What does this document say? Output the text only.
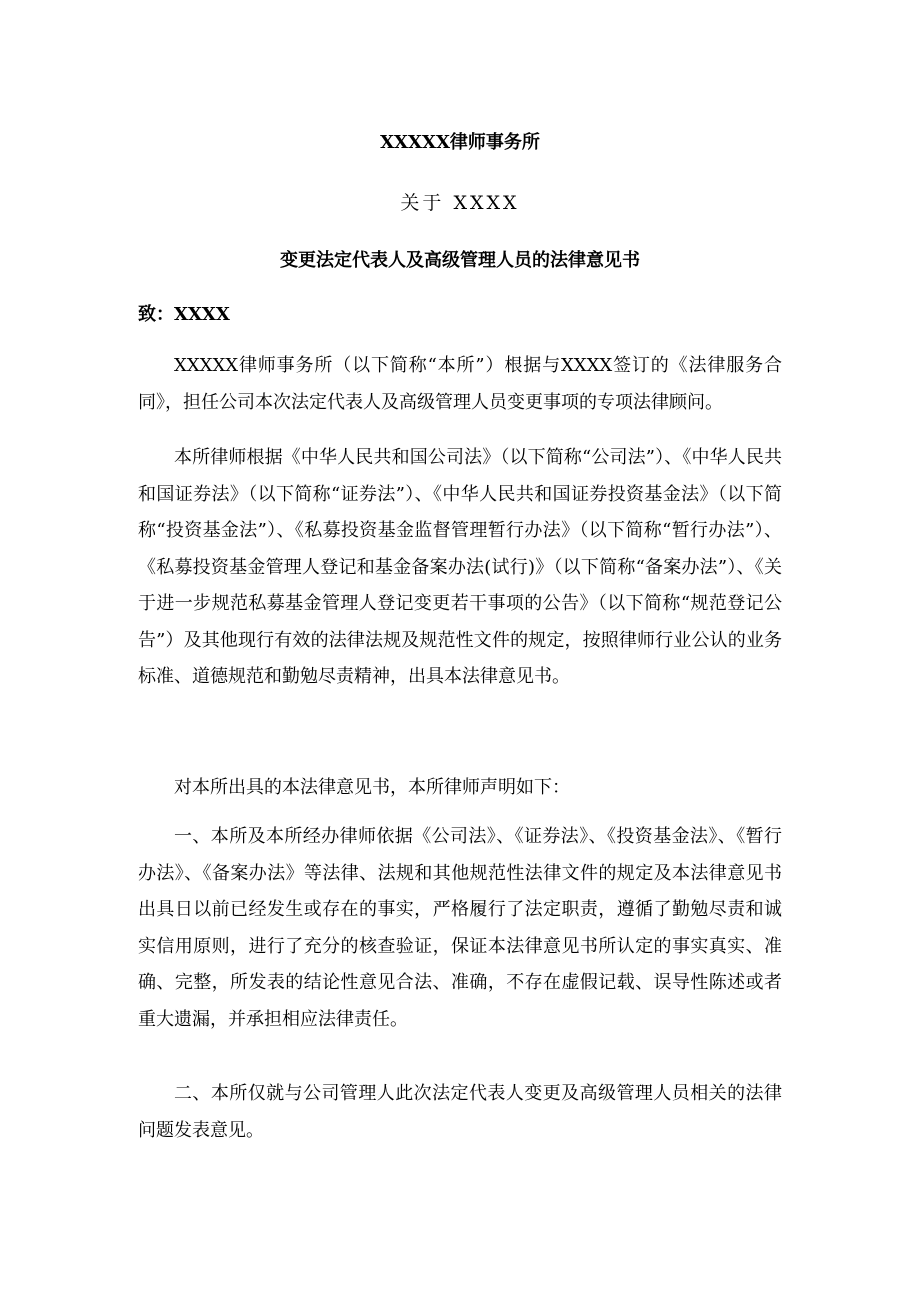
XXXXX律师事务所
关于 XXXX
变更法定代表人及高级管理人员的法律意见书
致：XXXX

XXXXX律师事务所（以下简称“本所”）根据与XXXX签订的《法律服务合同》，担任公司本次法定代表人及高级管理人员变更事项的专项法律顾问。

本所律师根据《中华人民共和国公司法》（以下简称“公司法”）、《中华人民共和国证券法》（以下简称“证券法”）、《中华人民共和国证券投资基金法》（以下简称“投资基金法”）、《私募投资基金监督管理暂行办法》（以下简称“暂行办法”）、《私募投资基金管理人登记和基金备案办法(试行)》（以下简称“备案办法”）、《关于进一步规范私募基金管理人登记变更若干事项的公告》（以下简称“规范登记公告”）及其他现行有效的法律法规及规范性文件的规定，按照律师行业公认的业务标准、道德规范和勤勉尽责精神，出具本法律意见书。

对本所出具的本法律意见书，本所律师声明如下：

一、本所及本所经办律师依据《公司法》、《证券法》、《投资基金法》、《暂行办法》、《备案办法》等法律、法规和其他规范性法律文件的规定及本法律意见书出具日以前已经发生或存在的事实，严格履行了法定职责，遵循了勤勉尽责和诚实信用原则，进行了充分的核查验证，保证本法律意见书所认定的事实真实、准确、完整，所发表的结论性意见合法、准确，不存在虚假记载、误导性陈述或者重大遗漏，并承担相应法律责任。

二、本所仅就与公司管理人此次法定代表人变更及高级管理人员相关的法律问题发表意见。
